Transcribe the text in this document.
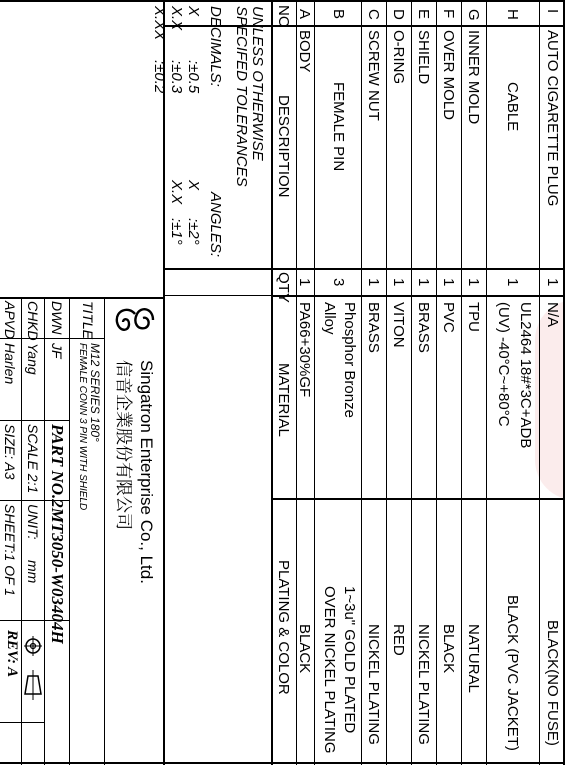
NO
DESCRIPTION
QTY
MATERIAL
PLATING & COLOR
I
AUTO CIGARETTE PLUG
1
N/A
BLACK(NO FUSE)
H
CABLE
1
UL2464 18#*3C+ADB
(UV) -40°C~+80°C
BLACK (PVC JACKET)
G
INNER MOLD
1
TPU
NATURAL
F
OVER MOLD
1
PVC
BLACK
E
SHIELD
1
BRASS
NICKEL PLATING
D
O-RING
1
VITON
RED
C
SCREW NUT
1
BRASS
NICKEL PLATING
B
FEMALE PIN
3
Phosphor Bronze
Alloy
1~3u" GOLD PLATED
OVER NICKEL PLATING
A
BODY
1
PA66+30%GF
BLACK
UNLESS OTHERWISE
SPECIFED TOLERANCES
DECIMALS:
ANGLES:
X
:±0.5
X
:±2°
X.X
:±0.3
X.X
:±1°
X.XX
:±0.2
Singatron Enterprise Co., Ltd.
信音企業股份有限公司
TITLE
M12 SERIES 180°
FEMALE CONN 3 PIN WITH SHIELD
DWN
JF
PART NO.2MT3050-W03404H
CHKD
Yang
SCALE 2:1
UNIT:
mm
APVD
Harlen
SIZE: A3
SHEET:1 OF 1
REV: A
